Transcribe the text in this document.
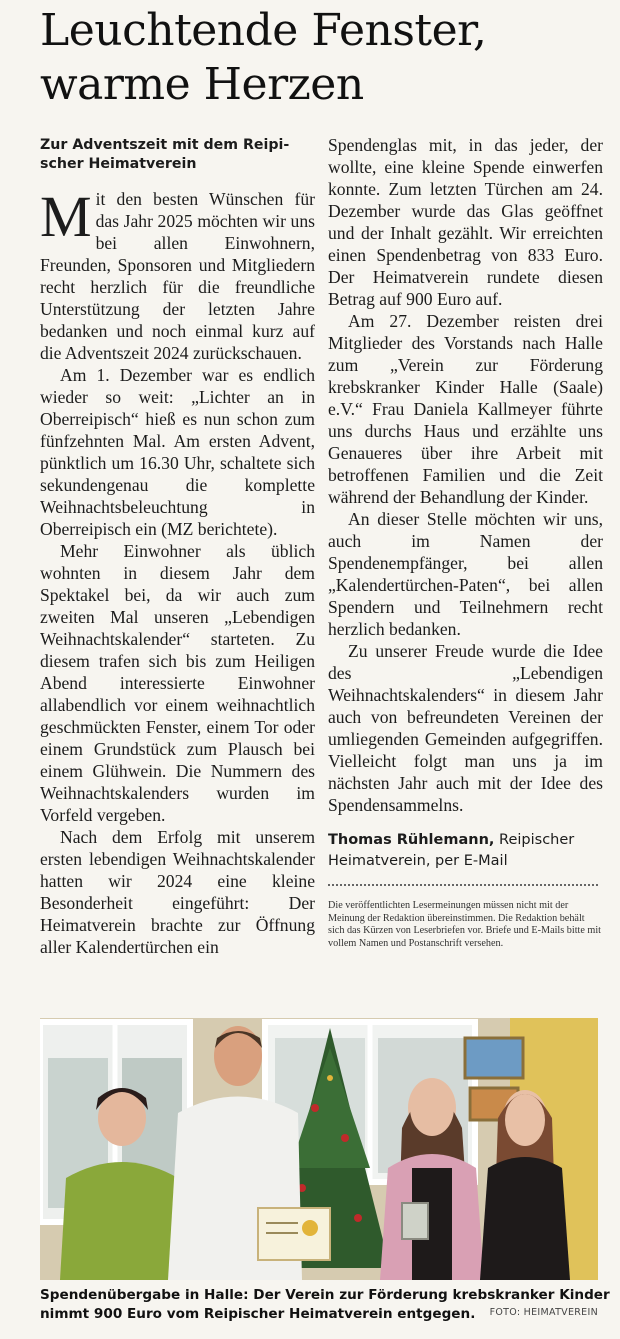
Leuchtende Fenster,
warme Herzen
Zur Adventszeit mit dem Reipi-
scher Heimatverein

Mit den besten Wünschen für das Jahr 2025 möchten wir uns bei allen Einwohnern, Freunden, Sponsoren und Mitgliedern recht herzlich für die freundliche Unterstützung der letzten Jahre bedanken und noch einmal kurz auf die Adventszeit 2024 zurückschauen.

Am 1. Dezember war es endlich wieder so weit: „Lichter an in Oberreipisch“ hieß es nun schon zum fünfzehnten Mal. Am ersten Advent, pünktlich um 16.30 Uhr, schaltete sich sekundengenau die komplette Weihnachtsbeleuchtung in Oberreipisch ein (MZ berichtete).

Mehr Einwohner als üblich wohnten in diesem Jahr dem Spektakel bei, da wir auch zum zweiten Mal unseren „Lebendigen Weihnachtskalender“ starteten. Zu diesem trafen sich bis zum Heiligen Abend interessierte Einwohner allabendlich vor einem weihnachtlich geschmückten Fenster, einem Tor oder einem Grundstück zum Plausch bei einem Glühwein. Die Nummern des Weihnachtskalenders wurden im Vorfeld vergeben.

Nach dem Erfolg mit unserem ersten lebendigen Weihnachtskalender hatten wir 2024 eine kleine Besonderheit eingeführt: Der Heimatverein brachte zur Öffnung aller Kalendertürchen ein

Spendenglas mit, in das jeder, der wollte, eine kleine Spende einwerfen konnte. Zum letzten Türchen am 24. Dezember wurde das Glas geöffnet und der Inhalt gezählt. Wir erreichten einen Spendenbetrag von 833 Euro. Der Heimatverein rundete diesen Betrag auf 900 Euro auf.

Am 27. Dezember reisten drei Mitglieder des Vorstands nach Halle zum „Verein zur Förderung krebskranker Kinder Halle (Saale) e.V.“ Frau Daniela Kallmeyer führte uns durchs Haus und erzählte uns Genaueres über ihre Arbeit mit betroffenen Familien und die Zeit während der Behandlung der Kinder.

An dieser Stelle möchten wir uns, auch im Namen der Spendenempfänger, bei allen „Kalendertürchen-Paten“, bei allen Spendern und Teilnehmern recht herzlich bedanken.

Zu unserer Freude wurde die Idee des „Lebendigen Weihnachtskalenders“ in diesem Jahr auch von befreundeten Vereinen der umliegenden Gemeinden aufgegriffen. Vielleicht folgt man uns ja im nächsten Jahr auch mit der Idee des Spendensammelns.

Thomas Rühlemann, Reipischer
Heimatverein, per E-Mail
Die veröffentlichten Lesermeinungen müssen nicht mit der Meinung der Redaktion übereinstimmen. Die Redaktion behält sich das Kürzen von Leserbriefen vor. Briefe und E-Mails bitte mit vollem Namen und Postanschrift versehen.
Spendenübergabe in Halle: Der Verein zur Förderung krebskranker Kinder
nimmt 900 Euro vom Reipischer Heimatverein entgegen. FOTO: HEIMATVEREIN
